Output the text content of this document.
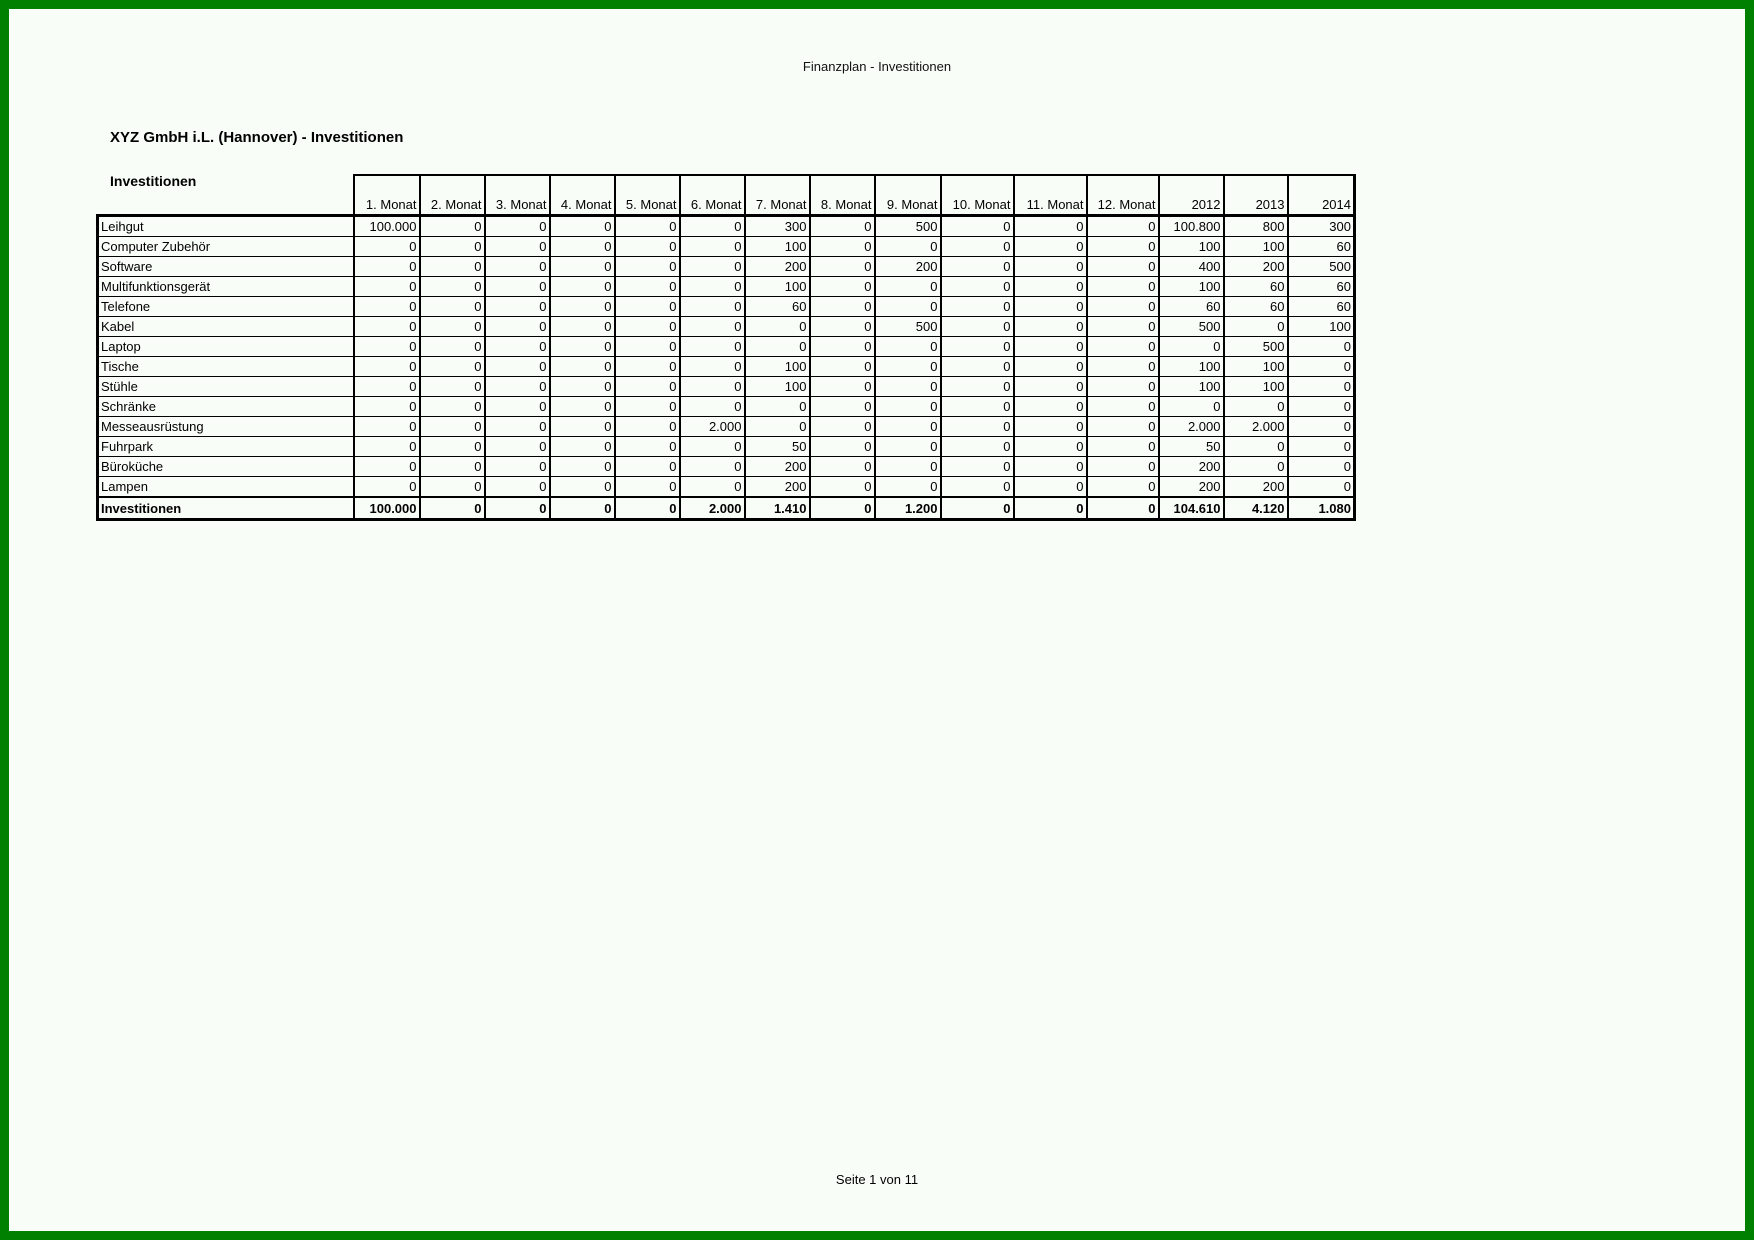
Finanzplan - Investitionen
XYZ GmbH i.L. (Hannover) - Investitionen
Investitionen
	1. Monat	2. Monat	3. Monat	4. Monat	5. Monat	6. Monat	7. Monat	8. Monat	9. Monat	10. Monat	11. Monat	12. Monat	2012	2013	2014
Leihgut	100.000	0	0	0	0	0	300	0	500	0	0	0	100.800	800	300
Computer Zubehör	0	0	0	0	0	0	100	0	0	0	0	0	100	100	60
Software	0	0	0	0	0	0	200	0	200	0	0	0	400	200	500
Multifunktionsgerät	0	0	0	0	0	0	100	0	0	0	0	0	100	60	60
Telefone	0	0	0	0	0	0	60	0	0	0	0	0	60	60	60
Kabel	0	0	0	0	0	0	0	0	500	0	0	0	500	0	100
Laptop	0	0	0	0	0	0	0	0	0	0	0	0	0	500	0
Tische	0	0	0	0	0	0	100	0	0	0	0	0	100	100	0
Stühle	0	0	0	0	0	0	100	0	0	0	0	0	100	100	0
Schränke	0	0	0	0	0	0	0	0	0	0	0	0	0	0	0
Messeausrüstung	0	0	0	0	0	2.000	0	0	0	0	0	0	2.000	2.000	0
Fuhrpark	0	0	0	0	0	0	50	0	0	0	0	0	50	0	0
Büroküche	0	0	0	0	0	0	200	0	0	0	0	0	200	0	0
Lampen	0	0	0	0	0	0	200	0	0	0	0	0	200	200	0
Investitionen	100.000	0	0	0	0	2.000	1.410	0	1.200	0	0	0	104.610	4.120	1.080
Seite 1 von 11
